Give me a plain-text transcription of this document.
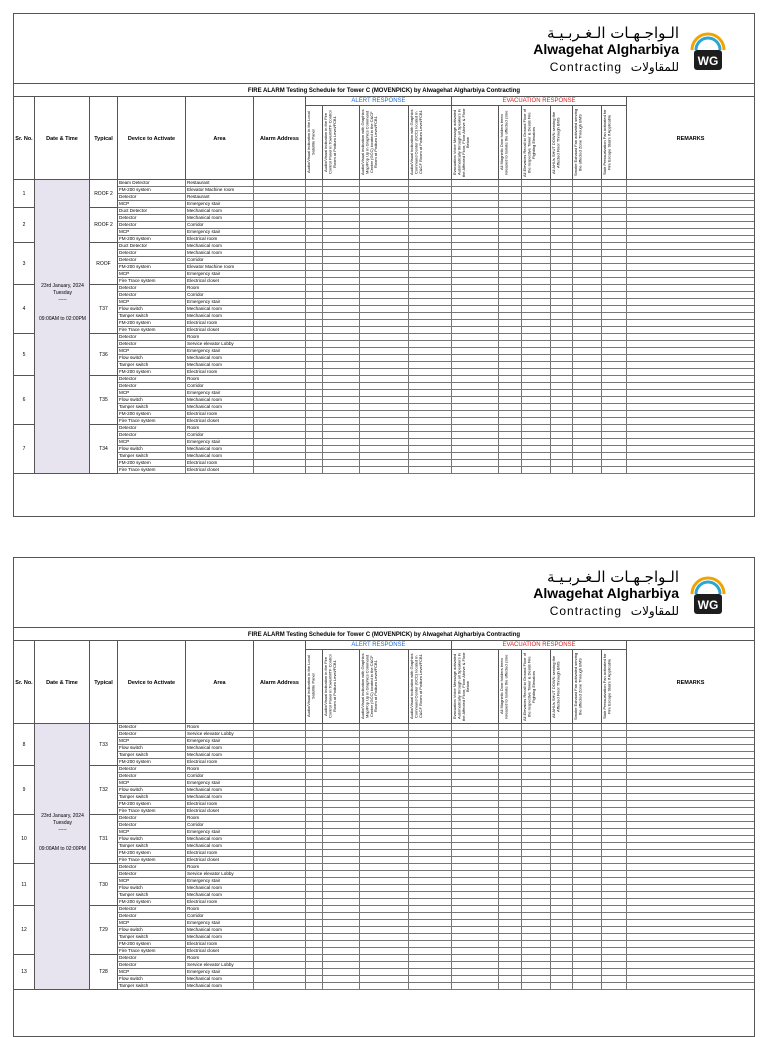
الـواجـهـات الـغـربـيـة
Alwagehat Algharbiya
Contracting للمقاولات WG
FIRE ALARM Testing Schedule for Tower C (MOVENPICK) by Alwagehat Algharbiya Contracting
Sr. No.	Date & Time	Typical	Device to Activate	Area	Alarm Address	REMARKS
ALERT RESPONSE	EVACUATION RESPONSE
Audio/Visual indication in the Local Satellite Panel	Audio/Visual indication in the Fire Control Panel in Tower/MTF Control Room at Podium Level/FCB1	Audio/Visual indication with Graphics Map/Pop Up in Graphics Command Center (GCC) located in the C&CF Room at Podium Level/FCB1	Audio/Visual indication with Graphics Command Center (GCC) located in C&CF Room at Podium Level/FCB1	Evacuation Voice Message activated Automatically through all Speakers in the Affected Floor, Floor Above & Floor Below	All Magnetic Door holders been released to Isolate the affected zone	All Elevators Recall to Ground Floor of the respective Tower & Desist Fire Fighting Elevators	All AHUs SHUT DOWN serving the Affected Floor Through BMS	Smoke Exhaust Fan activated serving the affected Zone Through BMS	Stair Pressurization Fan activated for Fire Escape Stairs if Applicable
Beam Detector	Restaurant
FM-200 system	Elevator Machine room
Detector	Restaurant
MCP	Emergency stair
1	ROOF 2
Duct Detector	Mechanical room
Detector	Mechanical room
Detector	Corridor
MCP	Emergency stair
FM-200 system	Electrical room
2	ROOF 2
Duct Detector	Mechanical room
Detector	Mechanical room
Detector	Corridor
FM-200 system	Elevator Machine room
MCP	Emergency stair
Fire Trace system	Electrical closet
3	ROOF
Detector	Room
Detector	Corridor
MCP	Emergency stair
Flow switch	Mechanical room
Tamper switch	Mechanical room
FM-200 system	Electrical room
Fire Trace system	Electrical closet
4	T37
Detector	Room
Detector	Service elevator Lobby
MCP	Emergency stair
Flow switch	Mechanical room
Tamper switch	Mechanical room
FM-200 system	Electrical room
5	T36
Detector	Room
Detector	Corridor
MCP	Emergency stair
Flow switch	Mechanical room
Tamper switch	Mechanical room
FM-200 system	Electrical room
Fire Trace system	Electrical closet
6	T35
Detector	Room
Detector	Corridor
MCP	Emergency stair
Flow switch	Mechanical room
Tamper switch	Mechanical room
FM-200 system	Electrical room
Fire Trace system	Electrical closet
7	T34
23rd January, 2024 Tuesday
-----
09:00AM to 02:00PM
الـواجـهـات الـغـربـيـة
Alwagehat Algharbiya
Contracting للمقاولات WG
FIRE ALARM Testing Schedule for Tower C (MOVENPICK) by Alwagehat Algharbiya Contracting
Sr. No.	Date & Time	Typical	Device to Activate	Area	Alarm Address	REMARKS
ALERT RESPONSE	EVACUATION RESPONSE
Audio/Visual indication in the Local Satellite Panel	Audio/Visual indication in the Fire Control Panel in Tower/MTF Control Room at Podium Level/FCB1	Audio/Visual indication with Graphics Map/Pop Up in Graphics Command Center (GCC) located in the C&CF Room at Podium Level/FCB1	Audio/Visual indication with Graphics Command Center (GCC) located in C&CF Room at Podium Level/FCB1	Evacuation Voice Message activated Automatically through all Speakers in the Affected Floor, Floor Above & Floor Below	All Magnetic Door holders been released to Isolate the affected zone	All Elevators Recall to Ground Floor of the respective Tower & Desist Fire Fighting Elevators	All AHUs SHUT DOWN serving the Affected Floor Through BMS	Smoke Exhaust Fan activated serving the affected Zone Through BMS	Stair Pressurization Fan activated for Fire Escape Stairs if Applicable
Detector	Room
Detector	Service elevator Lobby
MCP	Emergency stair
Flow switch	Mechanical room
Tamper switch	Mechanical room
FM-200 system	Electrical room
8	T33
Detector	Room
Detector	Corridor
MCP	Emergency stair
Flow switch	Mechanical room
Tamper switch	Mechanical room
FM-200 system	Electrical room
Fire Trace system	Electrical closet
9	T32
Detector	Room
Detector	Corridor
MCP	Emergency stair
Flow switch	Mechanical room
Tamper switch	Mechanical room
FM-200 system	Electrical room
Fire Trace system	Electrical closet
10	T31
Detector	Room
Detector	Service elevator Lobby
MCP	Emergency stair
Flow switch	Mechanical room
Tamper switch	Mechanical room
FM-200 system	Electrical room
11	T30
Detector	Room
Detector	Corridor
MCP	Emergency stair
Flow switch	Mechanical room
Tamper switch	Mechanical room
FM-200 system	Electrical room
Fire Trace system	Electrical closet
12	T29
Detector	Room
Detector	Service elevator Lobby
MCP	Emergency stair
Flow switch	Mechanical room
Tamper switch	Mechanical room
13	T28
23rd January, 2024 Tuesday
-----
09:00AM to 02:00PM
